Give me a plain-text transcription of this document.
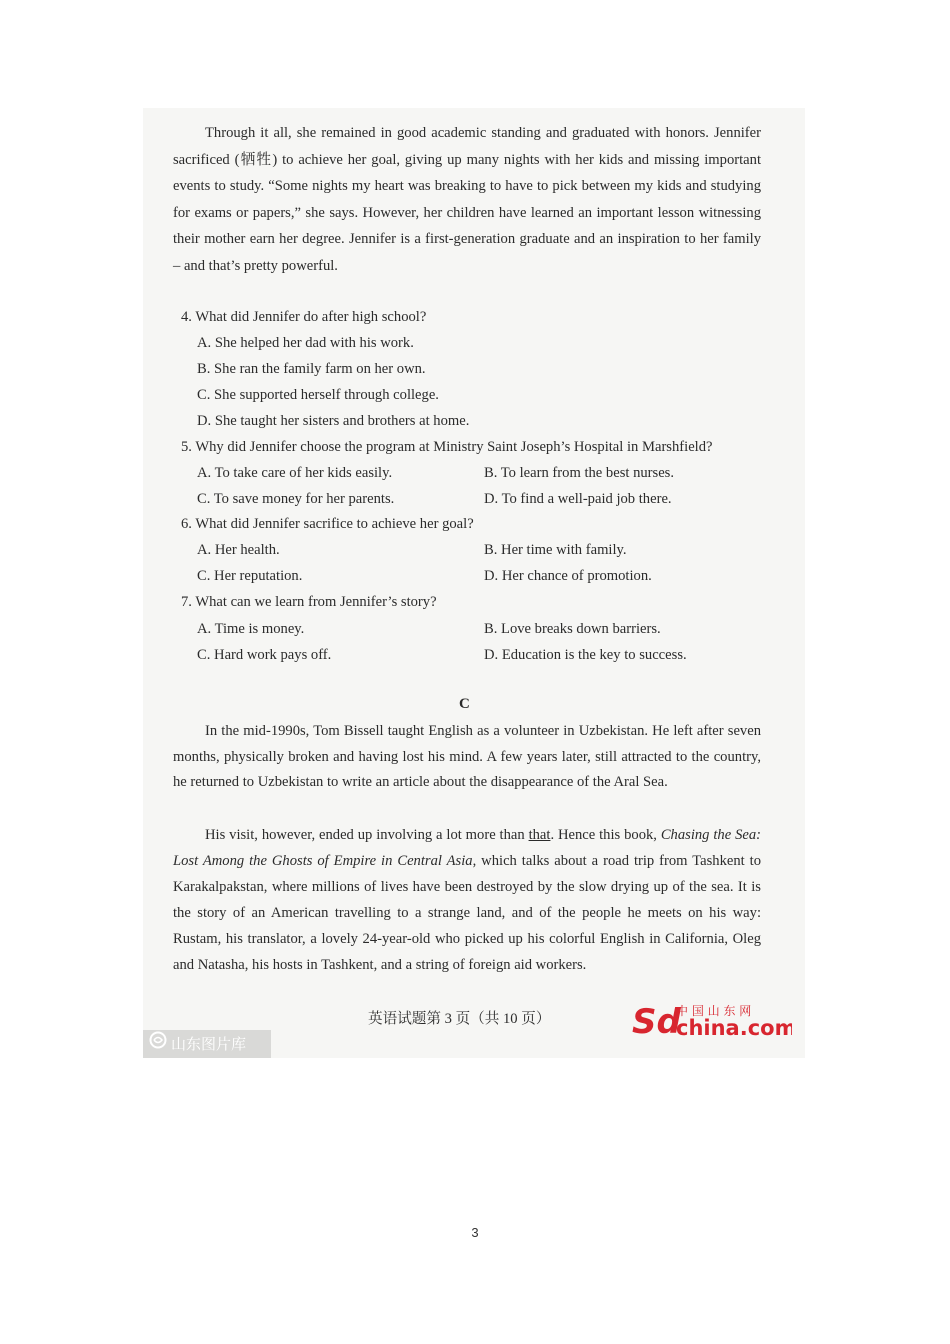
Through it all, she remained in good academic standing and graduated with honors. Jennifer sacrificed (牺牲) to achieve her goal, giving up many nights with her kids and missing important events to study. “Some nights my heart was breaking to have to pick between my kids and studying for exams or papers,” she says. However, her children have learned an important lesson witnessing their mother earn her degree. Jennifer is a first-generation graduate and an inspiration to her family – and that’s pretty powerful.

4. What did Jennifer do after high school?
A. She helped her dad with his work.
B. She ran the family farm on her own.
C. She supported herself through college.
D. She taught her sisters and brothers at home.
5. Why did Jennifer choose the program at Ministry Saint Joseph’s Hospital in Marshfield?
A. To take care of her kids easily.	B. To learn from the best nurses.
C. To save money for her parents.	D. To find a well-paid job there.
6. What did Jennifer sacrifice to achieve her goal?
A. Her health.	B. Her time with family.
C. Her reputation.	D. Her chance of promotion.
7. What can we learn from Jennifer’s story?
A. Time is money.	B. Love breaks down barriers.
C. Hard work pays off.	D. Education is the key to success.
C

In the mid-1990s, Tom Bissell taught English as a volunteer in Uzbekistan. He left after seven months, physically broken and having lost his mind. A few years later, still attracted to the country, he returned to Uzbekistan to write an article about the disappearance of the Aral Sea.

His visit, however, ended up involving a lot more than that. Hence this book, Chasing the Sea: Lost Among the Ghosts of Empire in Central Asia, which talks about a road trip from Tashkent to Karakalpakstan, where millions of lives have been destroyed by the slow drying up of the sea. It is the story of an American travelling to a strange land, and of the people he meets on his way: Rustam, his translator, a lovely 24-year-old who picked up his colorful English in California, Oleg and Natasha, his hosts in Tashkent, and a string of foreign aid workers.

英语试题第 3 页（共 10 页） Sd
中 国 山 东 网
china.com
山东图片库
3
